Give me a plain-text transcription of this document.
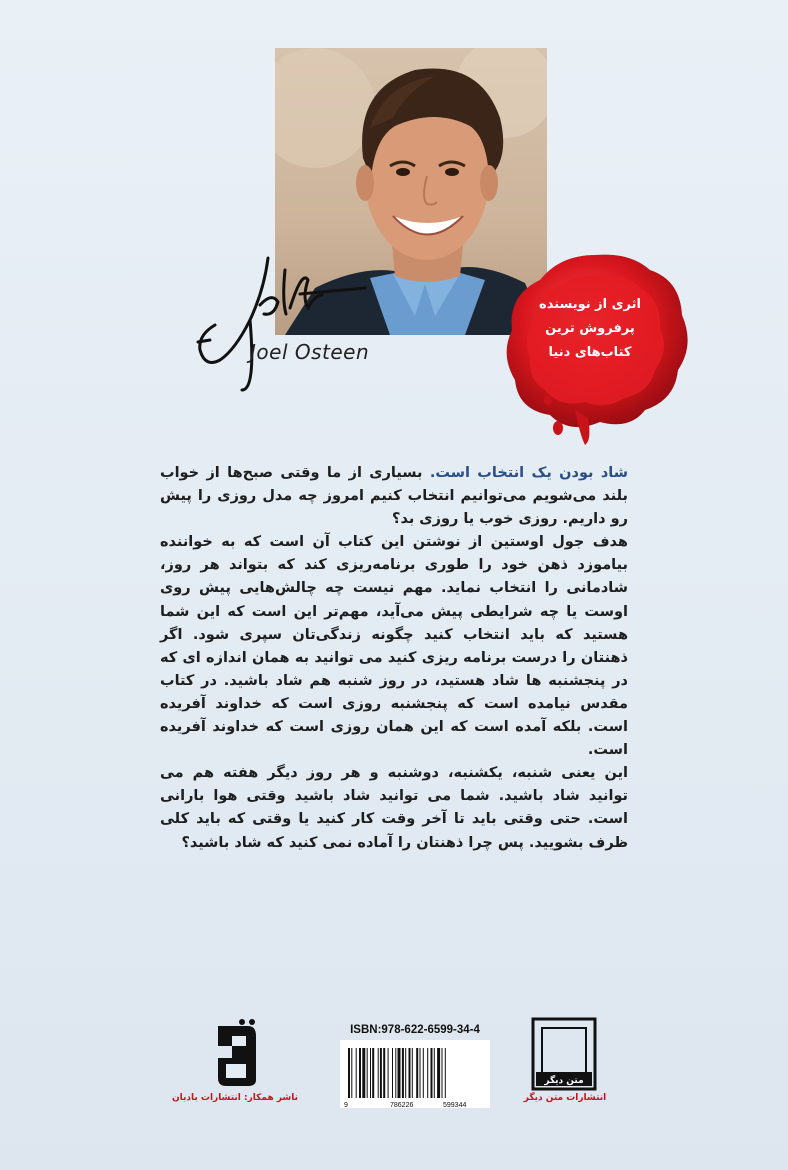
Joel Osteen
اثری از نویسنده
پرفروش ترین
کتاب‌های دنیا

شاد بودن یک انتخاب است. بسیاری از ما وقتی صبح‌ها از خواب بلند می‌شویم می‌توانیم انتخاب کنیم امروز چه مدل روزی را پیش رو داریم. روزی خوب یا روزی بد؟

هدف جول اوستین از نوشتن این کتاب آن است که به خواننده بیاموزد ذهن خود را طوری برنامه‌ریزی کند که بتواند هر روز، شادمانی را انتخاب نماید. مهم نیست چه چالش‌هایی پیش روی اوست یا چه شرایطی پیش می‌آید، مهم‌تر این است که این شما هستید که باید انتخاب کنید چگونه زندگی‌تان سپری شود. اگر ذهنتان را درست برنامه ریزی کنید می توانید به همان اندازه ای که در پنجشنبه ها شاد هستید، در روز شنبه هم شاد باشید. در کتاب مقدس نیامده است که پنجشنبه روزی است که خداوند آفریده است. بلکه آمده است که این همان روزی است که خداوند آفریده است.

این یعنی شنبه، یکشنبه، دوشنبه و هر روز دیگر هفته هم می توانید شاد باشید. شما می توانید شاد باشید وقتی هوا بارانی است. حتی وقتی باید تا آخر وقت کار کنید یا وقتی که باید کلی ظرف بشویید. پس چرا ذهنتان را آماده نمی کنید که شاد باشید؟

ISBN:978-622-6599-34-4
9	786226	599344
متن دیگر
انتشارات متن دیگر
ناشر همکار: انتشارات بادبان
